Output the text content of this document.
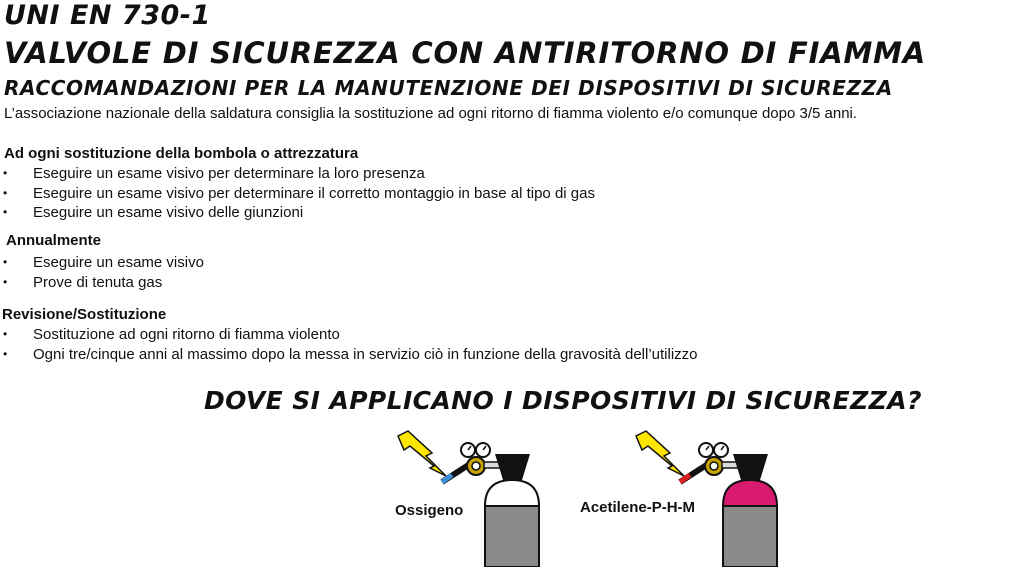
UNI EN 730-1
VALVOLE DI SICUREZZA CON ANTIRITORNO DI FIAMMA
RACCOMANDAZIONI PER LA MANUTENZIONE DEI DISPOSITIVI DI SICUREZZA

L’associazione nazionale della saldatura consiglia la sostituzione ad ogni ritorno di fiamma violento e/o comunque dopo 3/5 anni.

Ad ogni sostituzione della bombola o attrezzatura
• Eseguire un esame visivo per determinare la loro presenza
• Eseguire un esame visivo per determinare il corretto montaggio in base al tipo di gas
• Eseguire un esame visivo delle giunzioni
Annualmente
• Eseguire un esame visivo
• Prove di tenuta gas
Revisione/Sostituzione
• Sostituzione ad ogni ritorno di fiamma violento
• Ogni tre/cinque anni al massimo dopo la messa in servizio ciò in funzione della gravosità dell’utilizzo
DOVE SI APPLICANO I DISPOSITIVI DI SICUREZZA?
Ossigeno	Acetilene-P-H-M
